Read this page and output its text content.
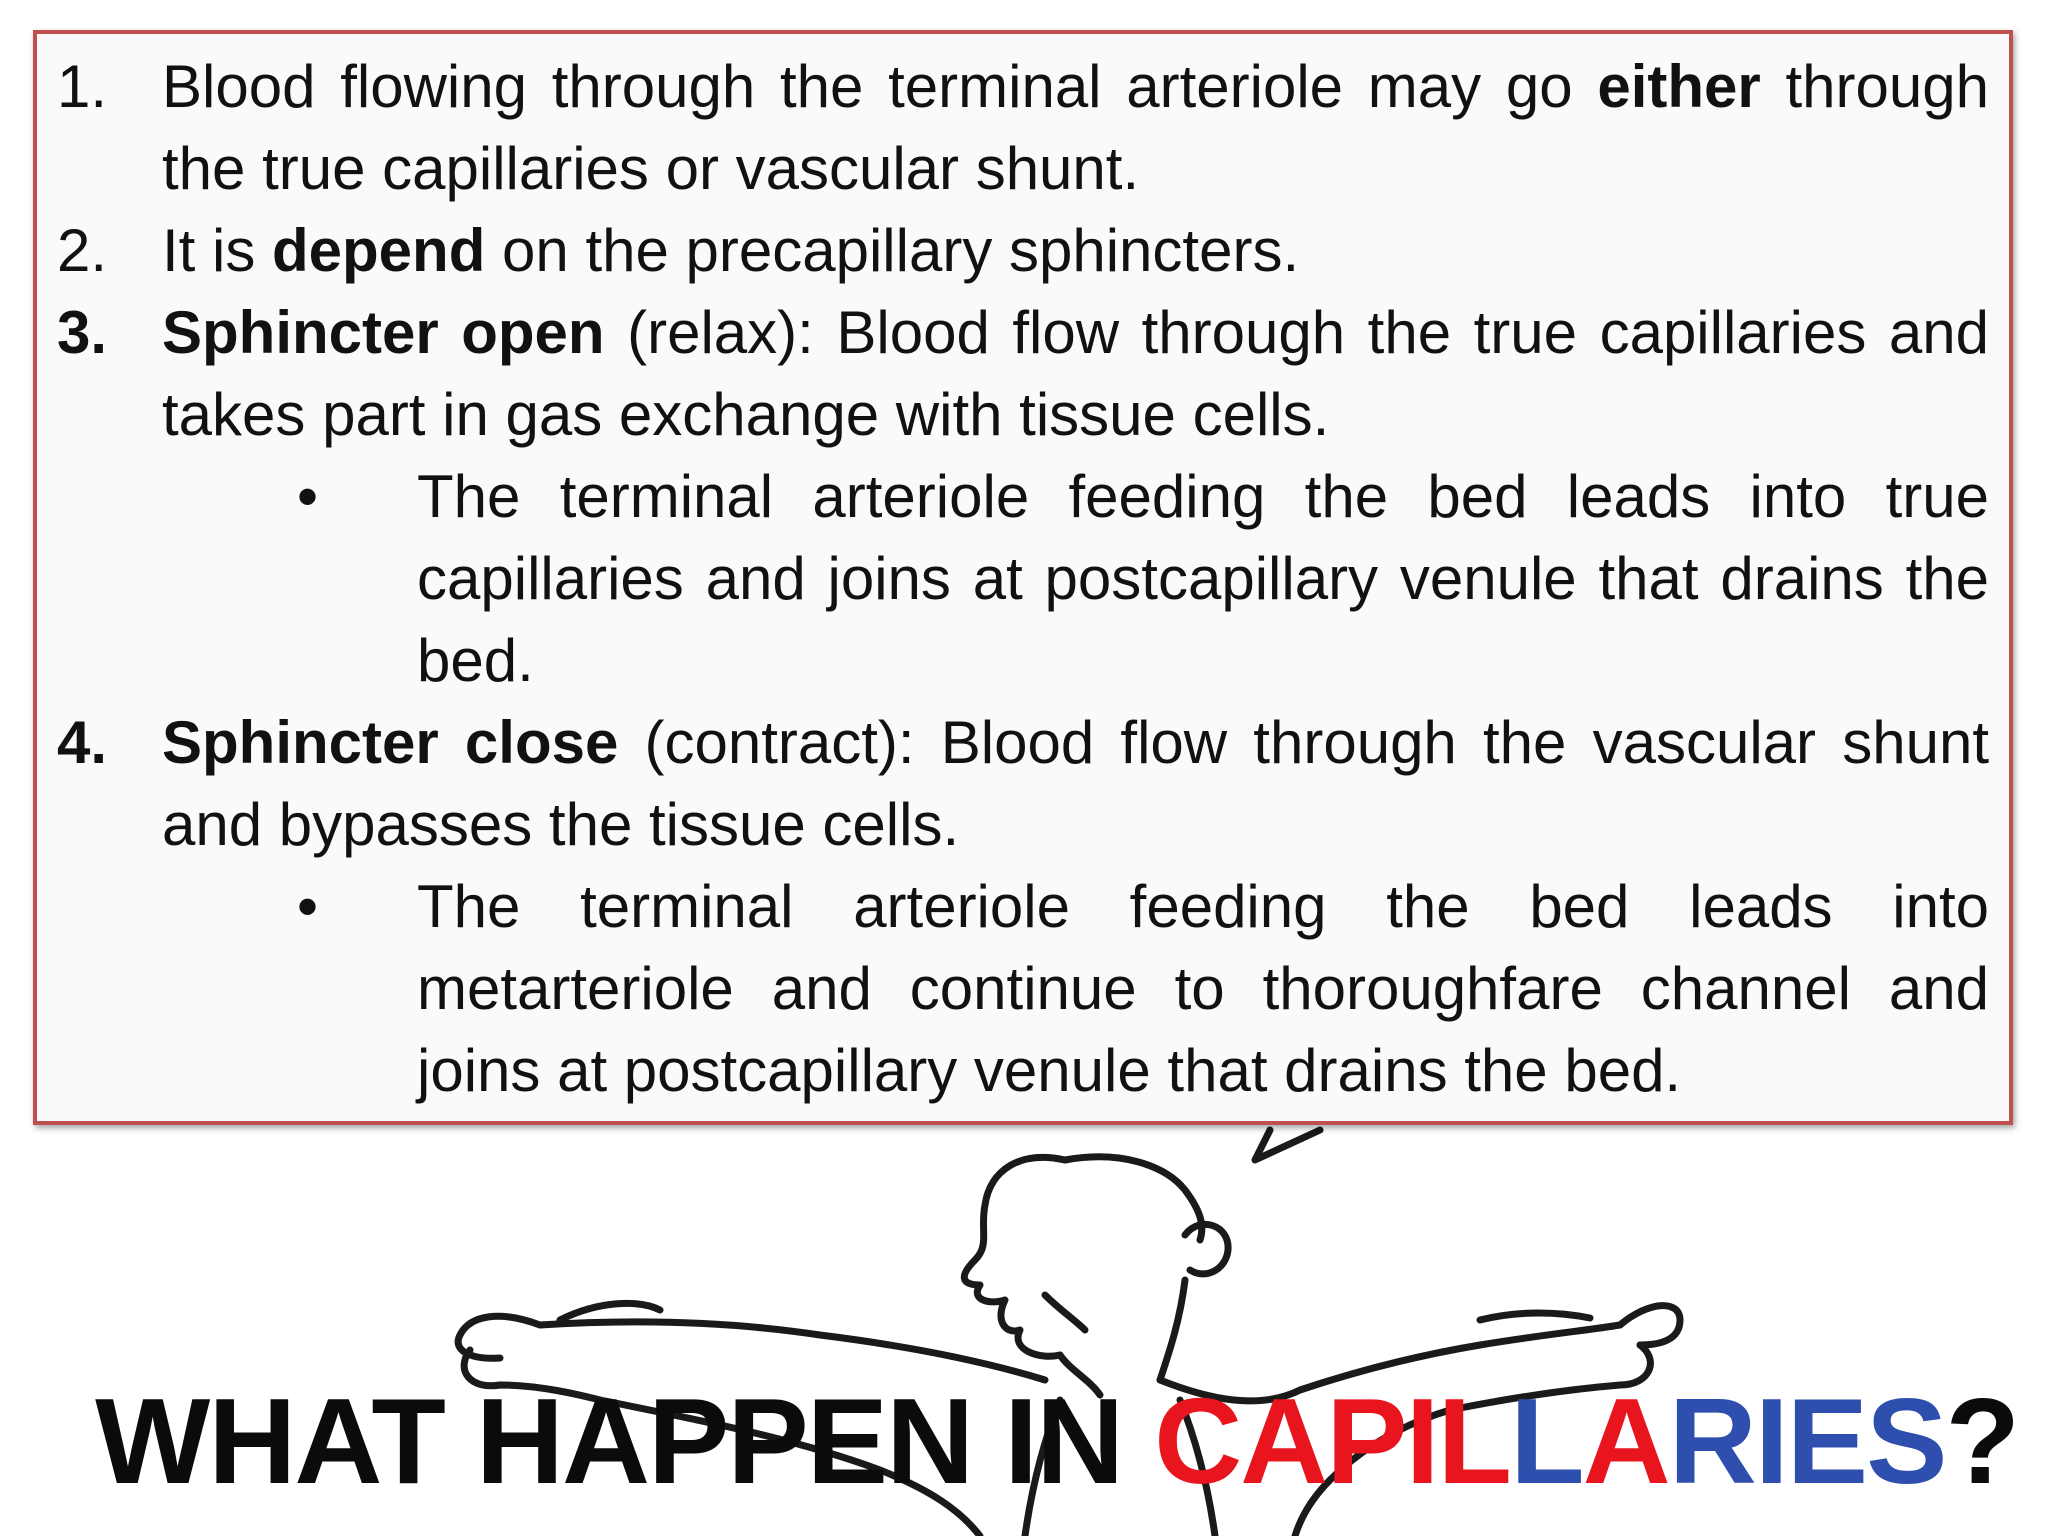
1. Blood flowing through the terminal arteriole may go either through the true capillaries or vascular shunt.
2. It is depend on the precapillary sphincters.
3. Sphincter open (relax): Blood flow through the true capillaries and takes part in gas exchange with tissue cells.
•	The terminal arteriole feeding the bed leads into true capillaries and joins at postcapillary venule that drains the bed.
4. Sphincter close (contract): Blood flow through the vascular shunt and bypasses the tissue cells.
•	The terminal arteriole feeding the bed leads into metarteriole and continue to thoroughfare channel and joins at postcapillary venule that drains the bed.
WHAT HAPPEN IN CAPILLARIES?
